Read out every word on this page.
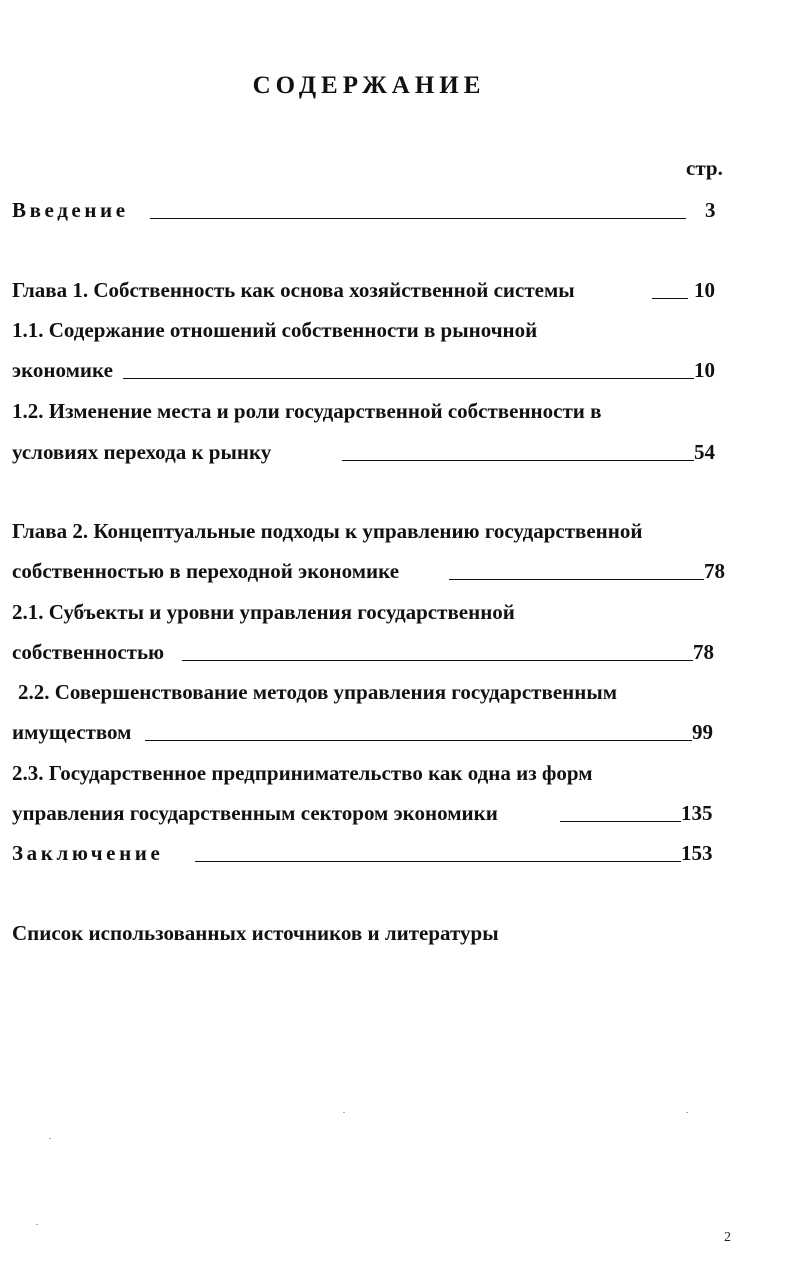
СОДЕРЖАНИЕ
стр.
Введение	3
Глава 1. Собственность как основа хозяйственной системы	10
1.1. Содержание отношений собственности в рыночной
экономике	10
1.2. Изменение места и роли государственной собственности в
условиях перехода к рынку	54
Глава 2. Концептуальные подходы к управлению государственной
собственностью в переходной экономике	78
2.1. Субъекты и уровни управления государственной
собственностью	78
2.2. Совершенствование методов управления государственным
имуществом	99
2.3. Государственное предпринимательство как одна из форм
управления государственным сектором экономики	135
Заключение	153
Список использованных источников и литературы
2
